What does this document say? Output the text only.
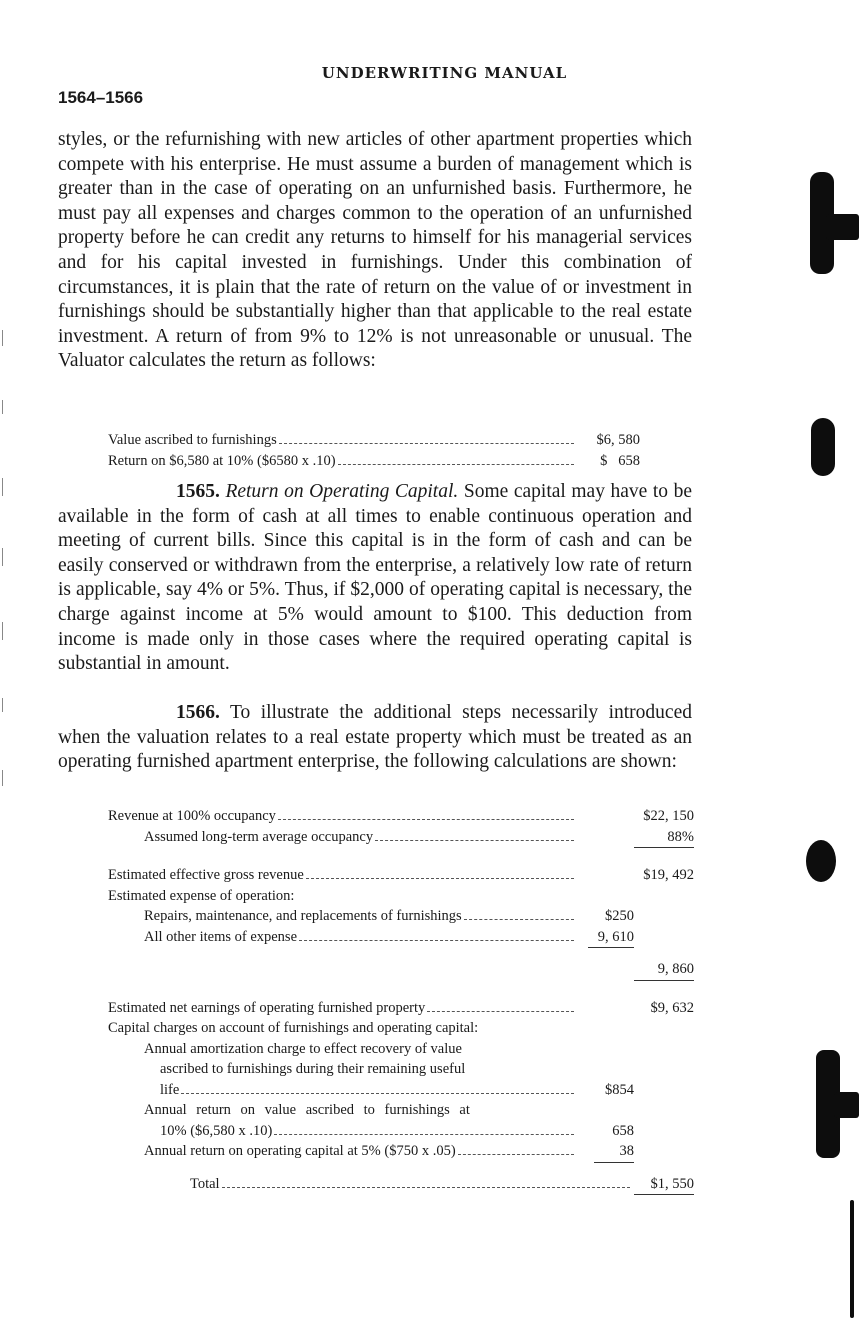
UNDERWRITING MANUAL
1564–1566
styles, or the refurnishing with new articles of other apartment properties which compete with his enterprise. He must assume a burden of management which is greater than in the case of operating on an unfurnished basis. Furthermore, he must pay all expenses and charges common to the operation of an unfurnished property before he can credit any returns to himself for his managerial services and for his capital invested in furnishings. Under this combination of circumstances, it is plain that the rate of return on the value of or investment in furnishings should be substantially higher than that applicable to the real estate investment. A return of from 9% to 12% is not unreasonable or unusual. The Valuator calculates the return as follows:
Value ascribed to furnishings	$6, 580
Return on $6,580 at 10% ($6580 x .10)	$   658
1565. Return on Operating Capital. Some capital may have to be available in the form of cash at all times to enable continuous operation and meeting of current bills. Since this capital is in the form of cash and can be easily conserved or withdrawn from the enterprise, a relatively low rate of return is applicable, say 4% or 5%. Thus, if $2,000 of operating capital is necessary, the charge against income at 5% would amount to $100. This deduction from income is made only in those cases where the required operating capital is substantial in amount.
1566. To illustrate the additional steps necessarily introduced when the valuation relates to a real estate property which must be treated as an operating furnished apartment enterprise, the following calculations are shown:
Revenue at 100% occupancy	$22, 150
Assumed long-term average occupancy	88%
Estimated effective gross revenue	$19, 492
Estimated expense of operation:
Repairs, maintenance, and replacements of furnishings	$250
All other items of expense	9, 610
9, 860
Estimated net earnings of operating furnished property	$9, 632
Capital charges on account of furnishings and operating capital:
Annual amortization charge to effect recovery of value
ascribed to furnishings during their remaining useful
life	$854
Annual return on value ascribed to furnishings at
10% ($6,580 x .10)	658
Annual return on operating capital at 5% ($750 x .05)	38
Total	$1, 550
